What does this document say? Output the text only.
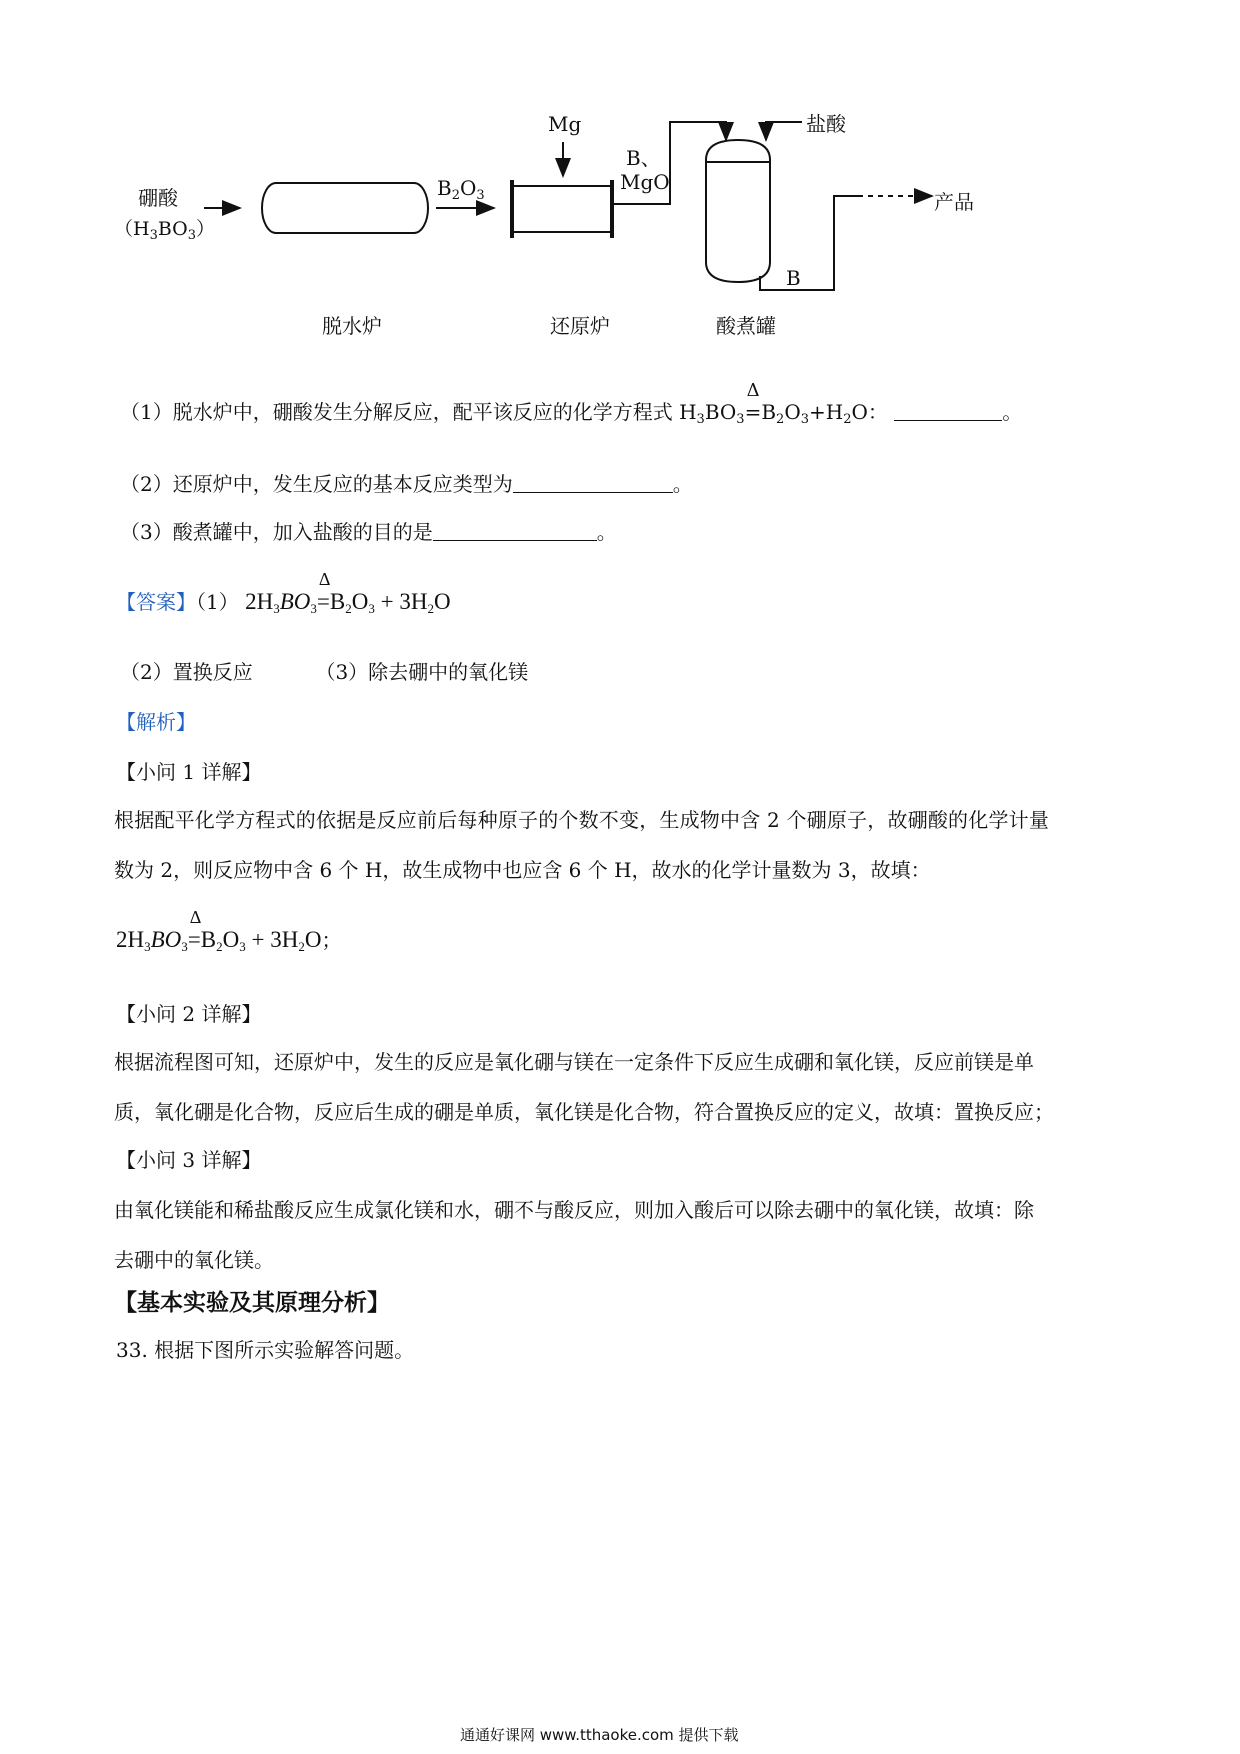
硼酸
$(H_3BO_3)$
$B_2O_3$
Mg
B、
MgO
盐酸
B
产品
脱水炉	还原炉	酸煮罐
（1）脱水炉中，硼酸发生分解反应，配平该反应的化学方程式 $H_3BO_3$
Δ
$=B_2O_3+H_2O$：	。
（2）还原炉中，发生反应的基本反应类型为	。
（3）酸煮罐中，加入盐酸的目的是	。
【答案】（1） $2H_3BO_3$
Δ
$=B_2O_3 + 3H_2O$
（2）置换反应	（3）除去硼中的氧化镁
【解析】
【小问 1 详解】
根据配平化学方程式的依据是反应前后每种原子的个数不变，生成物中含 2 个硼原子，故硼酸的化学计量
数为 2，则反应物中含 6 个 H，故生成物中也应含 6 个 H，故水的化学计量数为 3，故填：
$2H_3BO_3$
Δ
$=B_2O_3 + 3H_2O$；
【小问 2 详解】
根据流程图可知，还原炉中，发生的反应是氧化硼与镁在一定条件下反应生成硼和氧化镁，反应前镁是单
质，氧化硼是化合物，反应后生成的硼是单质，氧化镁是化合物，符合置换反应的定义，故填：置换反应；
【小问 3 详解】
由氧化镁能和稀盐酸反应生成氯化镁和水，硼不与酸反应，则加入酸后可以除去硼中的氧化镁，故填：除
去硼中的氧化镁。
【基本实验及其原理分析】
33. 根据下图所示实验解答问题。
通通好课网 www.tthaoke.com 提供下载
